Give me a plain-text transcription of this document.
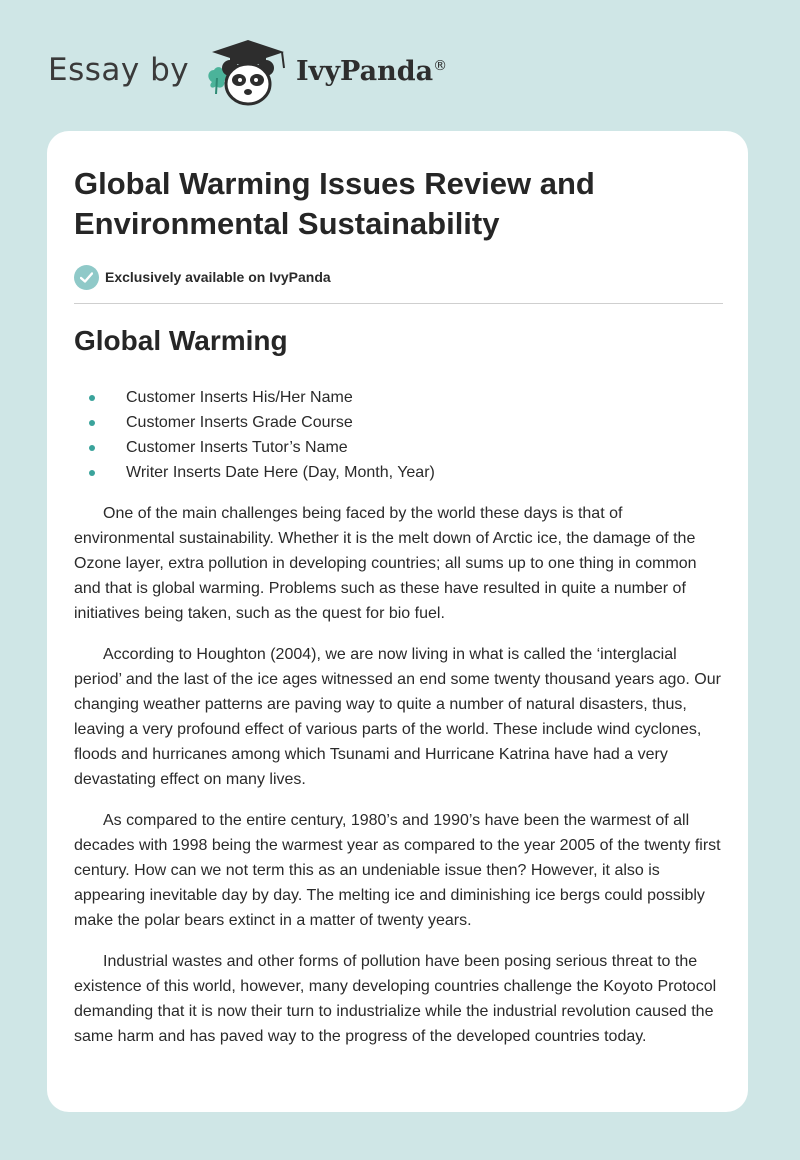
Essay by	IvyPanda®
Global Warming Issues Review and Environmental Sustainability
Exclusively available on IvyPanda
Global Warming
Customer Inserts His/Her Name
Customer Inserts Grade Course
Customer Inserts Tutor’s Name
Writer Inserts Date Here (Day, Month, Year)

One of the main challenges being faced by the world these days is that of environmental sustainability. Whether it is the melt down of Arctic ice, the damage of the Ozone layer, extra pollution in developing countries; all sums up to one thing in common and that is global warming. Problems such as these have resulted in quite a number of initiatives being taken, such as the quest for bio fuel.

According to Houghton (2004), we are now living in what is called the ‘interglacial period’ and the last of the ice ages witnessed an end some twenty thousand years ago. Our changing weather patterns are paving way to quite a number of natural disasters, thus, leaving a very profound effect of various parts of the world. These include wind cyclones, floods and hurricanes among which Tsunami and Hurricane Katrina have had a very devastating effect on many lives.

As compared to the entire century, 1980’s and 1990’s have been the warmest of all decades with 1998 being the warmest year as compared to the year 2005 of the twenty first century. How can we not term this as an undeniable issue then? However, it also is appearing inevitable day by day. The melting ice and diminishing ice bergs could possibly make the polar bears extinct in a matter of twenty years.

Industrial wastes and other forms of pollution have been posing serious threat to the existence of this world, however, many developing countries challenge the Koyoto Protocol demanding that it is now their turn to industrialize while the industrial revolution caused the same harm and has paved way to the progress of the developed countries today.
